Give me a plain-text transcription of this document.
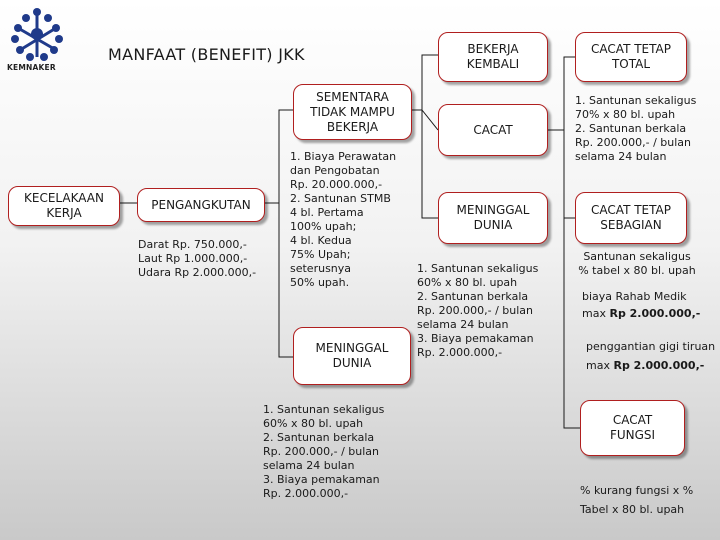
KEMNAKER
MANFAAT (BENEFIT) JKK
KECELAKAAN
KERJA
PENGANGKUTAN
SEMENTARA
TIDAK MAMPU
BEKERJA
MENINGGAL
DUNIA
BEKERJA
KEMBALI
CACAT
MENINGGAL
DUNIA
CACAT TETAP
TOTAL
CACAT TETAP
SEBAGIAN
CACAT
FUNGSI
Darat Rp. 750.000,-
Laut Rp 1.000.000,-
Udara Rp 2.000.000,-
1. Biaya Perawatan
dan Pengobatan
Rp. 20.000.000,-
2. Santunan STMB
4 bl. Pertama
100% upah;
4 bl. Kedua
75% Upah;
seterusnya
50% upah.
1. Santunan sekaligus
60% x 80 bl. upah
2. Santunan berkala
Rp. 200.000,- / bulan
selama 24 bulan
3. Biaya pemakaman
Rp. 2.000.000,-
1. Santunan sekaligus
60% x 80 bl. upah
2. Santunan berkala
Rp. 200.000,- / bulan
selama 24 bulan
3. Biaya pemakaman
Rp. 2.000.000,-
1. Santunan sekaligus
70% x 80 bl. upah
2. Santunan berkala
Rp. 200.000,- / bulan
selama 24 bulan
Santunan sekaligus
% tabel x 80 bl. upah
biaya Rahab Medik
max Rp 2.000.000,-
penggantian gigi tiruan
max Rp 2.000.000,-
% kurang fungsi x %
Tabel x 80 bl. upah
